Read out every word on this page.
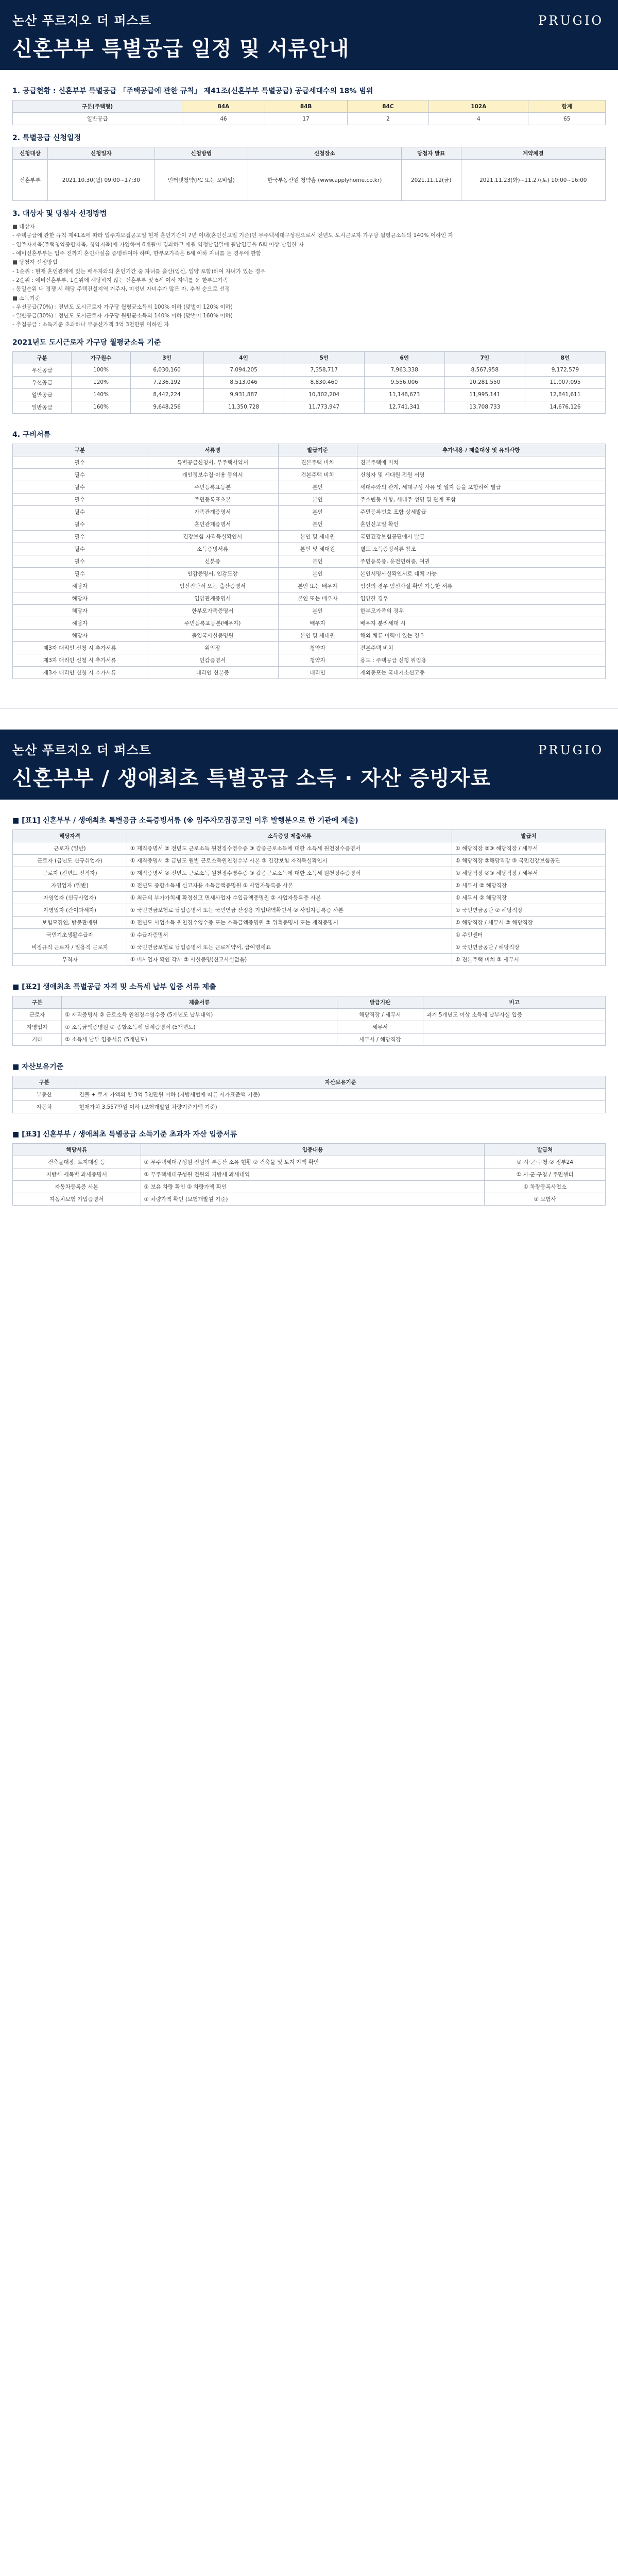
논산 푸르지오 더 퍼스트
신혼부부 특별공급 일정 및 서류안내
PRUGIO
1. 공급현황 : 신혼부부 특별공급 「주택공급에 관한 규칙」 제41조(신혼부부 특별공급) 공급세대수의 18% 범위
구분(주택형)	84A	84B	84C	102A	합계
일반공급	46	17	2	4	65
2. 특별공급 신청일정
신청대상	신청일자	신청방법	신청장소	당첨자 발표	계약체결
신혼부부	2021.10.30(월) 09:00~17:30	인터넷청약(PC 또는 모바일)	한국부동산원 청약홈 (www.applyhome.co.kr)	2021.11.12(금)	2021.11.23(화)~11.27(토) 10:00~16:00
3. 대상자 및 당첨자 선정방법

■ 대상자

- 주택공급에 관한 규칙 제41조에 따라 입주자모집공고일 현재 혼인기간이 7년 이내(혼인신고일 기준)인 무주택세대구성원으로서 전년도 도시근로자 가구당 월평균소득의 140% 이하인 자

- 입주자저축(주택청약종합저축, 청약저축)에 가입하여 6개월이 경과하고 매월 약정납입일에 월납입금을 6회 이상 납입한 자

- 예비신혼부부는 입주 전까지 혼인사실을 증명하여야 하며, 한부모가족은 6세 이하 자녀를 둔 경우에 한함

■ 당첨자 선정방법

- 1순위 : 현재 혼인관계에 있는 배우자와의 혼인기간 중 자녀를 출산(임신, 입양 포함)하여 자녀가 있는 경우

- 2순위 : 예비신혼부부, 1순위에 해당하지 않는 신혼부부 및 6세 이하 자녀를 둔 한부모가족

- 동일순위 내 경쟁 시 해당 주택건설지역 거주자, 미성년 자녀수가 많은 자, 추첨 순으로 선정

■ 소득기준

- 우선공급(70%) : 전년도 도시근로자 가구당 월평균소득의 100% 이하 (맞벌이 120% 이하)

- 일반공급(30%) : 전년도 도시근로자 가구당 월평균소득의 140% 이하 (맞벌이 160% 이하)

- 추첨공급 : 소득기준 초과하나 부동산가액 3억 3천만원 이하인 자

2021년도 도시근로자 가구당 월평균소득 기준
구분	가구원수	3인	4인	5인	6인	7인	8인
우선공급	100%	6,030,160	7,094,205	7,358,717	7,963,338	8,567,958	9,172,579
우선공급	120%	7,236,192	8,513,046	8,830,460	9,556,006	10,281,550	11,007,095
일반공급	140%	8,442,224	9,931,887	10,302,204	11,148,673	11,995,141	12,841,611
일반공급	160%	9,648,256	11,350,728	11,773,947	12,741,341	13,708,733	14,676,126
4. 구비서류
구분	서류명	발급기준	추가내용 / 제출대상 및 유의사항
필수	특별공급신청서, 무주택서약서	견본주택 비치	견본주택에 비치
필수	개인정보수집·이용 동의서	견본주택 비치	신청자 및 세대원 전원 서명
필수	주민등록표등본	본인	세대주와의 관계, 세대구성 사유 및 일자 등을 포함하여 발급
필수	주민등록표초본	본인	주소변동 사항, 세대주 성명 및 관계 포함
필수	가족관계증명서	본인	주민등록번호 포함 상세발급
필수	혼인관계증명서	본인	혼인신고일 확인
필수	건강보험 자격득실확인서	본인 및 세대원	국민건강보험공단에서 발급
필수	소득증빙서류	본인 및 세대원	별도 소득증빙서류 참조
필수	신분증	본인	주민등록증, 운전면허증, 여권
필수	인감증명서, 인감도장	본인	본인서명사실확인서로 대체 가능
해당자	임신진단서 또는 출산증명서	본인 또는 배우자	임신의 경우 임신사실 확인 가능한 서류
해당자	입양관계증명서	본인 또는 배우자	입양한 경우
해당자	한부모가족증명서	본인	한부모가족의 경우
해당자	주민등록표등본(배우자)	배우자	배우자 분리세대 시
해당자	출입국사실증명원	본인 및 세대원	해외 체류 이력이 있는 경우
제3자 대리인 신청 시 추가서류	위임장	청약자	견본주택 비치
제3자 대리인 신청 시 추가서류	인감증명서	청약자	용도 : 주택공급 신청 위임용
제3자 대리인 신청 시 추가서류	대리인 신분증	대리인	재외동포는 국내거소신고증
논산 푸르지오 더 퍼스트
신혼부부 / 생애최초 특별공급 소득 · 자산 증빙자료
PRUGIO
■ [표1] 신혼부부 / 생애최초 특별공급 소득증빙서류 (※ 입주자모집공고일 이후 발행분으로 한 기관에 제출)
해당자격	소득증빙 제출서류	발급처
근로자 (일반)	① 재직증명서 ② 전년도 근로소득 원천징수영수증 ③ 갑종근로소득에 대한 소득세 원천징수증명서	① 해당직장 ②③ 해당직장 / 세무서
근로자 (금년도 신규취업자)	① 재직증명서 ② 금년도 월별 근로소득원천징수부 사본 ③ 건강보험 자격득실확인서	① 해당직장 ②해당직장 ③ 국민건강보험공단
근로자 (전년도 전직자)	① 재직증명서 ② 전년도 근로소득 원천징수영수증 ③ 갑종근로소득에 대한 소득세 원천징수증명서	① 해당직장 ②③ 해당직장 / 세무서
자영업자 (일반)	① 전년도 종합소득세 신고자용 소득금액증명원 ② 사업자등록증 사본	① 세무서 ② 해당직장
자영업자 (신규사업자)	① 최근의 부가가치세 확정신고 면세사업자 수입금액증명원 ② 사업자등록증 사본	① 세무서 ② 해당직장
자영업자 (간이과세자)	① 국민연금보험료 납입증명서 또는 국민연금 산정용 가입내역확인서 ② 사업자등록증 사본	① 국민연금공단 ② 해당직장
보험모집인, 방문판매원	① 전년도 사업소득 원천징수영수증 또는 소득금액증명원 ② 위촉증명서 또는 재직증명서	① 해당직장 / 세무서 ② 해당직장
국민기초생활수급자	① 수급자증명서	① 주민센터
비정규직 근로자 / 일용직 근로자	① 국민연금보험료 납입증명서 또는 근로계약서, 급여명세표	① 국민연금공단 / 해당직장
무직자	① 비사업자 확인 각서 ② 사실증명(신고사실없음)	① 견본주택 비치 ② 세무서
■ [표2] 생애최초 특별공급 자격 및 소득세 납부 입증 서류 제출
구분	제출서류	발급기관	비고
근로자	① 재직증명서 ② 근로소득 원천징수영수증 (5개년도 납부내역)	해당직장 / 세무서	과거 5개년도 이상 소득세 납부사실 입증
자영업자	① 소득금액증명원 ② 종합소득세 납세증명서 (5개년도)	세무서	
기타	① 소득세 납부 입증서류 (5개년도)	세무서 / 해당직장	
■ 자산보유기준
구분	자산보유기준
부동산	건물 + 토지 가액의 합 3억 3천만원 이하 (지방세법에 따른 시가표준액 기준)
자동차	현재가치 3,557만원 이하 (보험개발원 차량기준가액 기준)
■ [표3] 신혼부부 / 생애최초 특별공급 소득기준 초과자 자산 입증서류
해당서류	입증내용	발급처
건축물대장, 토지대장 등	① 무주택세대구성원 전원의 부동산 소유 현황 ② 건축물 및 토지 가액 확인	① 시·군·구청 ② 정부24
지방세 세목별 과세증명서	① 무주택세대구성원 전원의 지방세 과세내역	① 시·군·구청 / 주민센터
자동차등록증 사본	① 보유 차량 확인 ② 차량가액 확인	① 차량등록사업소
자동차보험 가입증명서	① 차량가액 확인 (보험개발원 기준)	① 보험사
